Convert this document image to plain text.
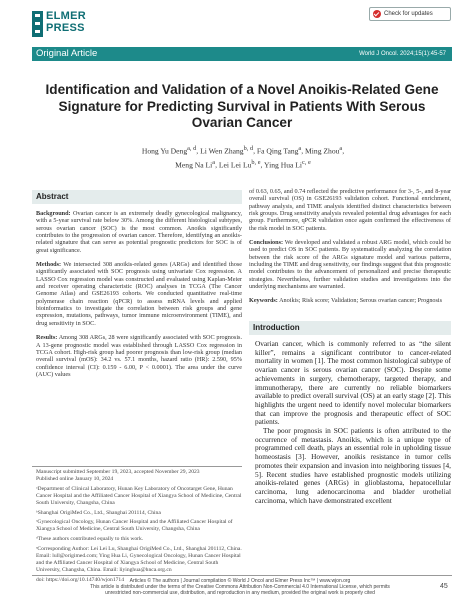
ELMER
PRESS
Check for updates
Original Article	World J Oncol. 2024;15(1):45-57
Identification and Validation of a Novel Anoikis-Related Gene Signature for Predicting Survival in Patients With Serous Ovarian Cancer
Hong Yu Deng$^{a, d}$, Li Wen Zhang$^{b, d}$, Fa Qing Tang$^a$, Ming Zhou$^a$,
Meng Na Li$^a$, Lei Lei Lu$^{b, e}$, Ying Hua Li$^{c, e}$
Abstract

Background: Ovarian cancer is an extremely deadly gynecological malignancy, with a 5-year survival rate below 30%. Among the different histological subtypes, serous ovarian cancer (SOC) is the most common. Anoikis significantly contributes to the progression of ovarian cancer. Therefore, identifying an anoikis-related signature that can serve as potential prognostic predictors for SOC is of great significance.

Methods: We intersected 308 anoikis-related genes (ARGs) and identified those significantly associated with SOC prognosis using univariate Cox regression. A LASSO Cox regression model was constructed and evaluated using Kaplan-Meier and receiver operating characteristic (ROC) analyses in TCGA (The Cancer Genome Atlas) and GSE26193 cohorts. We conducted quantitative real-time polymerase chain reaction (qPCR) to assess mRNA levels and applied bioinformatics to investigate the correlation between risk groups and gene expression, mutations, pathways, tumor immune microenvironment (TIME), and drug sensitivity in SOC.

Results: Among 308 ARGs, 28 were significantly associated with SOC prognosis. A 13-gene prognostic model was established through LASSO Cox regression in TCGA cohort. High-risk group had poorer prognosis than low-risk group (median overall survival (mOS): 34.2 vs. 57.1 months, hazard ratio (HR): 2.590, 95% confidence interval (CI): 0.159 - 6.00, P < 0.0001). The area under the curve (AUC) values

of 0.63, 0.65, and 0.74 reflected the predictive performance for 3-, 5-, and 8-year overall survival (OS) in GSE26193 validation cohort. Functional enrichment, pathway analysis, and TIME analysis identified distinct characteristics between risk groups. Drug sensitivity analysis revealed potential drug advantages for each group. Furthermore, qPCR validation once again confirmed the effectiveness of the risk model in SOC patients.

Conclusions: We developed and validated a robust ARG model, which could be used to predict OS in SOC patients. By systematically analyzing the correlation between the risk score of the ARGs signature model and various patterns, including the TIME and drug sensitivity, our findings suggest that this prognostic model contributes to the advancement of personalized and precise therapeutic strategies. Nevertheless, further validation studies and investigations into the underlying mechanisms are warranted.

Keywords: Anoikis; Risk score; Validation; Serous ovarian cancer; Prognosis

Manuscript submitted September 19, 2023, accepted November 29, 2023
Published online January 10, 2024

ᵃDepartment of Clinical Laboratory, Hunan Key Laboratory of Oncotarget Gene, Hunan Cancer Hospital and the Affiliated Cancer Hospital of Xiangya School of Medicine, Central South University, Changsha, China

ᵇShanghai OrigiMed Co., Ltd., Shanghai 201114, China

ᶜGynecological Oncology, Hunan Cancer Hospital and the Affiliated Cancer Hospital of Xiangya School of Medicine, Central South University, Changsha, China

ᵈThese authors contributed equally to this work.

ᵉCorresponding Author: Lei Lei Lu, Shanghai OrigiMed Co., Ltd., Shanghai 201112, China. Email: lull@origimed.com; Ying Hua Li, Gynecological Oncology, Hunan Cancer Hospital and the Affiliated Cancer Hospital of Xiangya School of Medicine, Central South University, Changsha, China. Email: liyinghua@hnca.org.cn

doi: https://doi.org/10.14740/wjon1714

Introduction

Ovarian cancer, which is commonly referred to as “the silent killer”, remains a significant contributor to cancer-related mortality in women [1]. The most common histological subtype of ovarian cancer is serous ovarian cancer (SOC). Despite some achievements in surgery, chemotherapy, targeted therapy, and immunotherapy, there are currently no reliable biomarkers available to predict overall survival (OS) at an early stage [2]. This highlights the urgent need to identify novel molecular biomarkers that can improve the prognosis and therapeutic effect of SOC patients.

The poor prognosis in SOC patients is often attributed to the occurrence of metastasis. Anoikis, which is a unique type of programmed cell death, plays an essential role in upholding tissue homeostasis [3]. However, anoikis resistance in tumor cells promotes their expansion and invasion into neighboring tissues [4, 5]. Recent studies have established prognostic models utilizing anoikis-related genes (ARGs) in glioblastoma, hepatocellular carcinoma, lung adenocarcinoma and bladder urothelial carcinoma, which have demonstrated excellent

Articles © The authors | Journal compilation © World J Oncol and Elmer Press Inc™ | www.wjon.org
This article is distributed under the terms of the Creative Commons Attribution Non-Commercial 4.0 International License, which permits
unrestricted non-commercial use, distribution, and reproduction in any medium, provided the original work is properly cited
45
